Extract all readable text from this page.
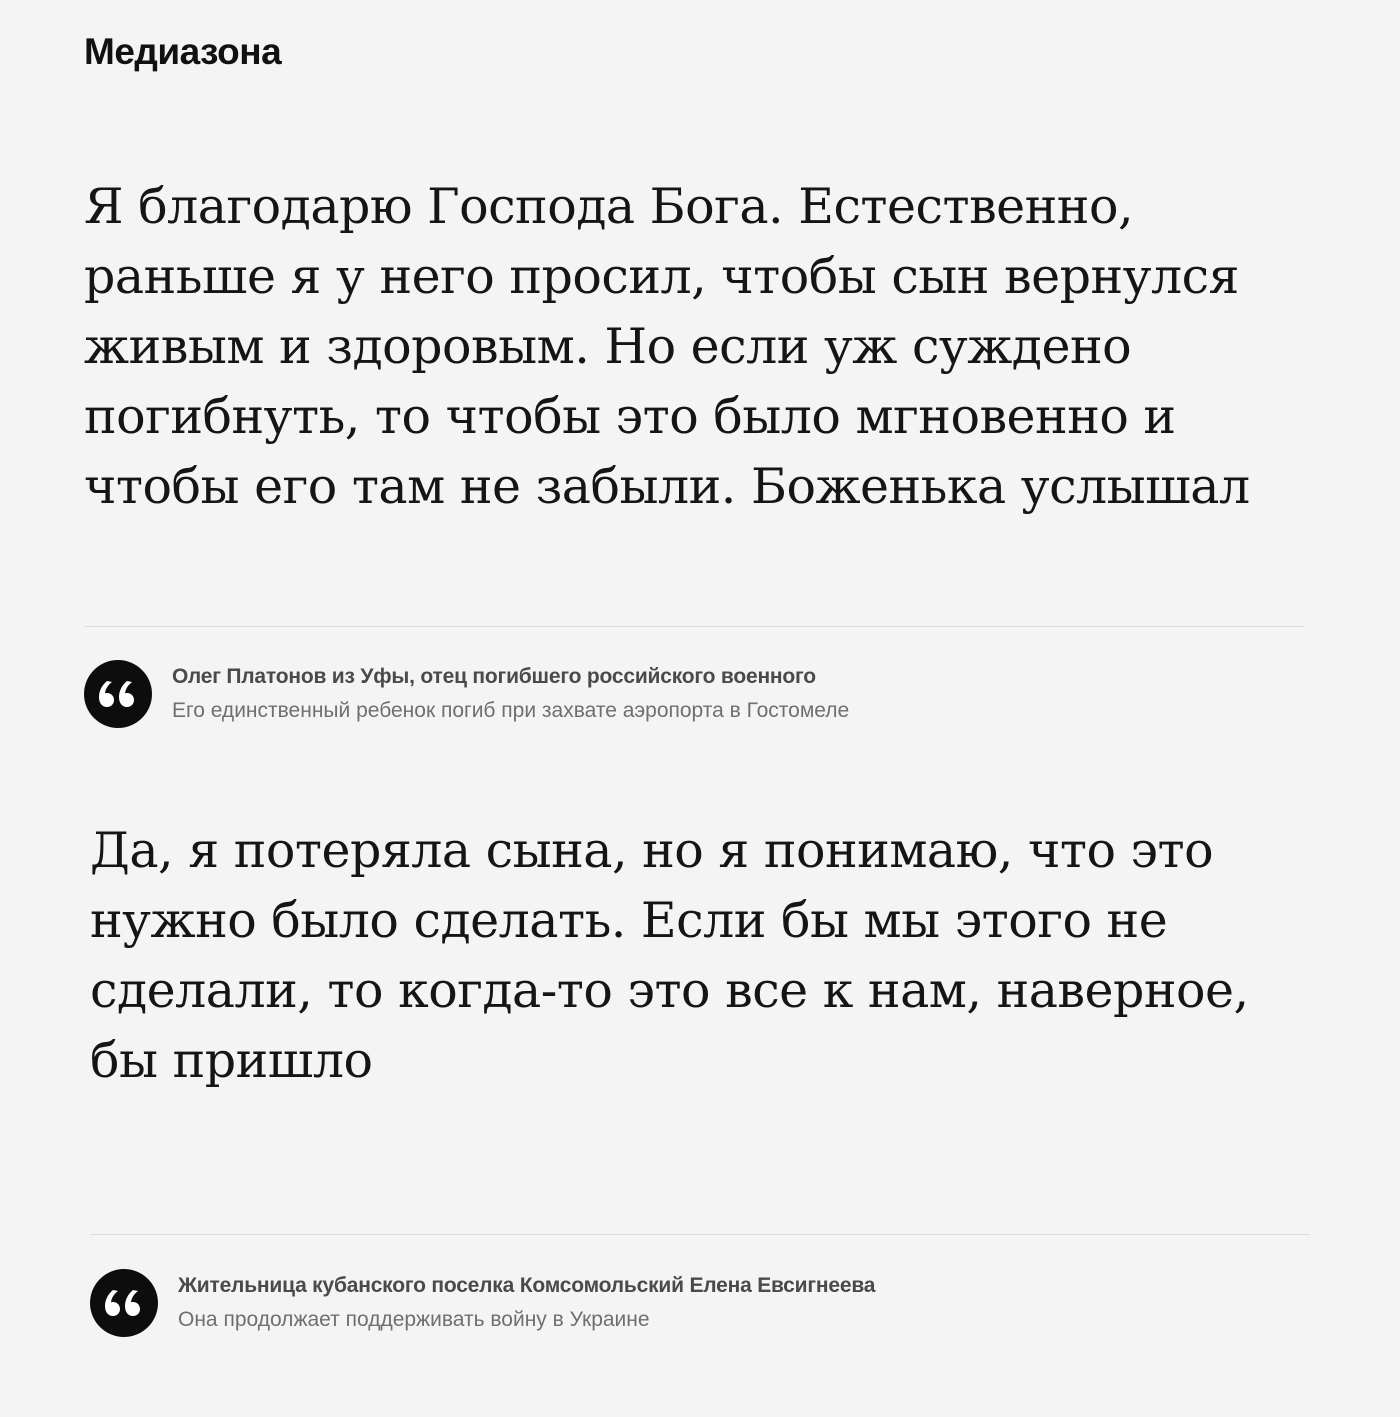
Медиазона

Я благодарю Господа Бога. Естественно,
раньше я у него просил, чтобы сын вернулся
живым и здоровым. Но если уж суждено
погибнуть, то чтобы это было мгновенно и
чтобы его там не забыли. Боженька услышал

Олег Платонов из Уфы, отец погибшего российского военного
Его единственный ребенок погиб при захвате аэропорта в Гостомеле

Да, я потеряла сына, но я понимаю, что это
нужно было сделать. Если бы мы этого не
сделали, то когда-то это все к нам, наверное,
бы пришло

Жительница кубанского поселка Комсомольский Елена Евсигнеева
Она продолжает поддерживать войну в Украине
